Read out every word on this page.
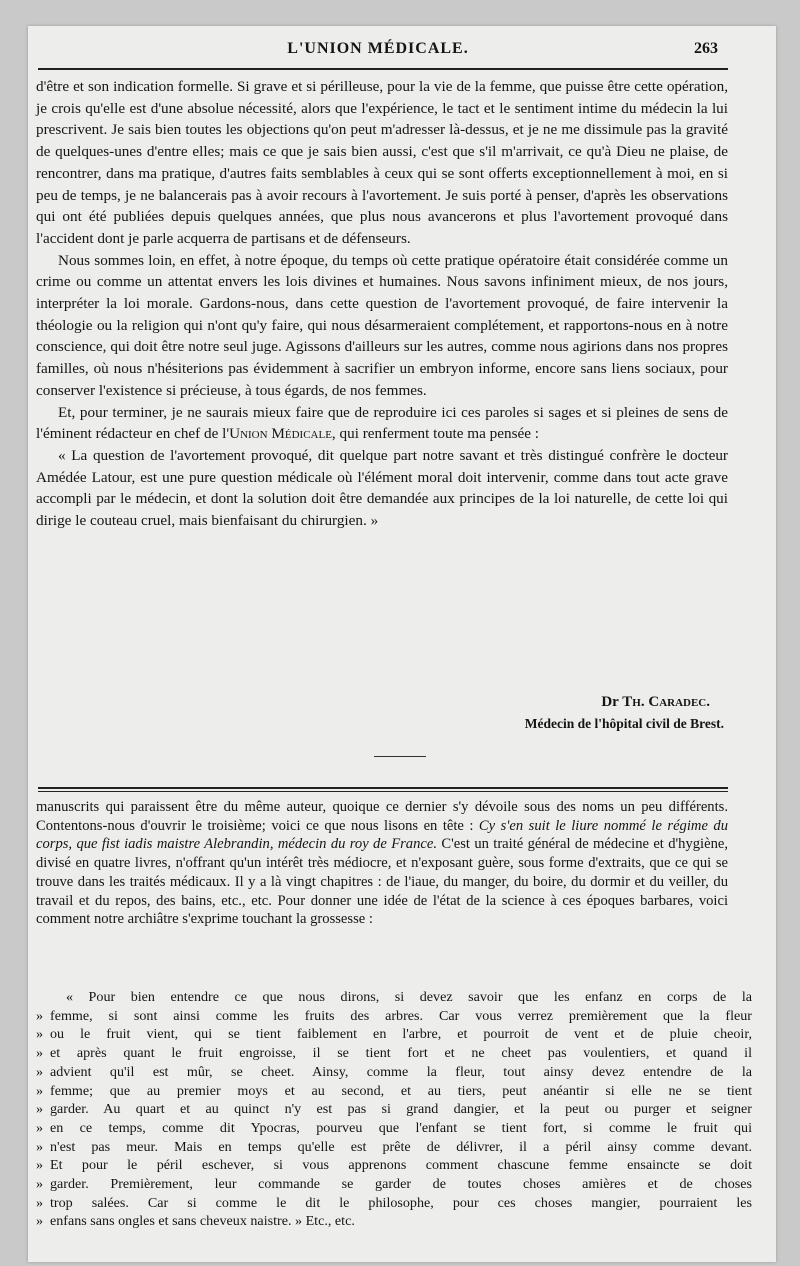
L'UNION MÉDICALE.	263

d'être et son indication formelle. Si grave et si périlleuse, pour la vie de la femme, que puisse être cette opération, je crois qu'elle est d'une absolue nécessité, alors que l'expérience, le tact et le sentiment intime du médecin la lui prescrivent. Je sais bien toutes les objections qu'on peut m'adresser là-dessus, et je ne me dissimule pas la gravité de quelques-unes d'entre elles; mais ce que je sais bien aussi, c'est que s'il m'arrivait, ce qu'à Dieu ne plaise, de rencontrer, dans ma pratique, d'autres faits semblables à ceux qui se sont offerts exceptionnellement à moi, en si peu de temps, je ne balancerais pas à avoir recours à l'avortement. Je suis porté à penser, d'après les observations qui ont été publiées depuis quelques années, que plus nous avancerons et plus l'avortement provoqué dans l'accident dont je parle acquerra de partisans et de défenseurs.

Nous sommes loin, en effet, à notre époque, du temps où cette pratique opératoire était considérée comme un crime ou comme un attentat envers les lois divines et humaines. Nous savons infiniment mieux, de nos jours, interpréter la loi morale. Gardons-nous, dans cette question de l'avortement provoqué, de faire intervenir la théologie ou la religion qui n'ont qu'y faire, qui nous désarmeraient complétement, et rapportons-nous en à notre conscience, qui doit être notre seul juge. Agissons d'ailleurs sur les autres, comme nous agirions dans nos propres familles, où nous n'hésiterions pas évidemment à sacrifier un embryon informe, encore sans liens sociaux, pour conserver l'existence si précieuse, à tous égards, de nos femmes.

Et, pour terminer, je ne saurais mieux faire que de reproduire ici ces paroles si sages et si pleines de sens de l'éminent rédacteur en chef de l'Union Médicale, qui renferment toute ma pensée :

« La question de l'avortement provoqué, dit quelque part notre savant et très distingué confrère le docteur Amédée Latour, est une pure question médicale où l'élément moral doit intervenir, comme dans tout acte grave accompli par le médecin, et dont la solution doit être demandée aux principes de la loi naturelle, de cette loi qui dirige le couteau cruel, mais bienfaisant du chirurgien. »

Dr Th. Caradec.
Médecin de l'hôpital civil de Brest.

manuscrits qui paraissent être du même auteur, quoique ce dernier s'y dévoile sous des noms un peu différents. Contentons-nous d'ouvrir le troisième; voici ce que nous lisons en tête : Cy s'en suit le liure nommé le régime du corps, que fist iadis maistre Alebrandin, médecin du roy de France. C'est un traité général de médecine et d'hygiène, divisé en quatre livres, n'offrant qu'un intérêt très médiocre, et n'exposant guère, sous forme d'extraits, que ce qui se trouve dans les traités médicaux. Il y a là vingt chapitres : de l'iaue, du manger, du boire, du dormir et du veiller, du travail et du repos, des bains, etc., etc. Pour donner une idée de l'état de la science à ces époques barbares, voici comment notre archiâtre s'exprime touchant la grossesse :

« Pour bien entendre ce que nous dirons, si devez savoir que les enfanz en corps de la
» femme, si sont ainsi comme les fruits des arbres. Car vous verrez premièrement que la fleur
» ou le fruit vient, qui se tient faiblement en l'arbre, et pourroit de vent et de pluie cheoir,
» et après quant le fruit engroisse, il se tient fort et ne cheet pas voulentiers, et quand il
» advient qu'il est mûr, se cheet. Ainsy, comme la fleur, tout ainsy devez entendre de la
» femme; que au premier moys et au second, et au tiers, peut anéantir si elle ne se tient
» garder. Au quart et au quinct n'y est pas si grand dangier, et la peut ou purger et seigner
» en ce temps, comme dit Ypocras, pourveu que l'enfant se tient fort, si comme le fruit qui
» n'est pas meur. Mais en temps qu'elle est prête de délivrer, il a péril ainsy comme devant.
» Et pour le péril eschever, si vous apprenons comment chascune femme ensaincte se doit
» garder. Premièrement, leur commande se garder de toutes choses amières et de choses
» trop salées. Car si comme le dit le philosophe, pour ces choses mangier, pourraient les
» enfans sans ongles et sans cheveux naistre. » Etc., etc.
